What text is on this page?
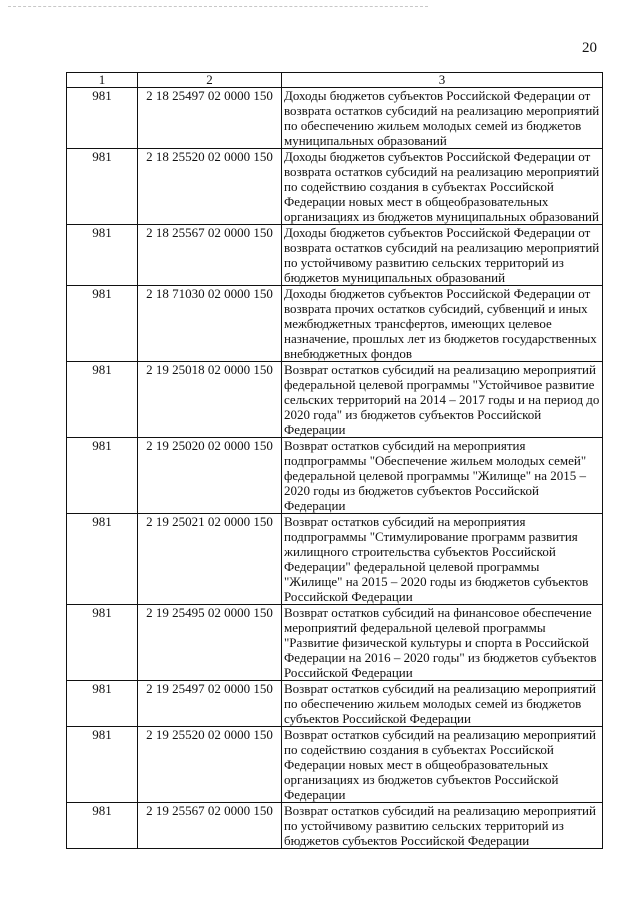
20
1	2	3
981	2 18 25497 02 0000 150	Доходы бюджетов субъектов Российской Федерации от возврата остатков субсидий на реализацию мероприятий по обеспечению жильем молодых семей из бюджетов муниципальных образований
981	2 18 25520 02 0000 150	Доходы бюджетов субъектов Российской Федерации от возврата остатков субсидий на реализацию мероприятий по содействию создания в субъектах Российской Федерации новых мест в общеобразовательных организациях из бюджетов муниципальных образований
981	2 18 25567 02 0000 150	Доходы бюджетов субъектов Российской Федерации от возврата остатков субсидий на реализацию мероприятий по устойчивому развитию сельских территорий из бюджетов муниципальных образований
981	2 18 71030 02 0000 150	Доходы бюджетов субъектов Российской Федерации от возврата прочих остатков субсидий, субвенций и иных межбюджетных трансфертов, имеющих целевое назначение, прошлых лет из бюджетов государственных внебюджетных фондов
981	2 19 25018 02 0000 150	Возврат остатков субсидий на реализацию мероприятий федеральной целевой программы "Устойчивое развитие сельских территорий на 2014 – 2017 годы и на период до 2020 года" из бюджетов субъектов Российской Федерации
981	2 19 25020 02 0000 150	Возврат остатков субсидий на мероприятия подпрограммы "Обеспечение жильем молодых семей" федеральной целевой программы "Жилище" на 2015 – 2020 годы из бюджетов субъектов Российской Федерации
981	2 19 25021 02 0000 150	Возврат остатков субсидий на мероприятия подпрограммы "Стимулирование программ развития жилищного строительства субъектов Российской Федерации" федеральной целевой программы "Жилище" на 2015 – 2020 годы из бюджетов субъектов Российской Федерации
981	2 19 25495 02 0000 150	Возврат остатков субсидий на финансовое обеспечение мероприятий федеральной целевой программы "Развитие физической культуры и спорта в Российской Федерации на 2016 – 2020 годы" из бюджетов субъектов Российской Федерации
981	2 19 25497 02 0000 150	Возврат остатков субсидий на реализацию мероприятий по обеспечению жильем молодых семей из бюджетов субъектов Российской Федерации
981	2 19 25520 02 0000 150	Возврат остатков субсидий на реализацию мероприятий по содействию создания в субъектах Российской Федерации новых мест в общеобразовательных организациях из бюджетов субъектов Российской Федерации
981	2 19 25567 02 0000 150	Возврат остатков субсидий на реализацию мероприятий по устойчивому развитию сельских территорий из бюджетов субъектов Российской Федерации
